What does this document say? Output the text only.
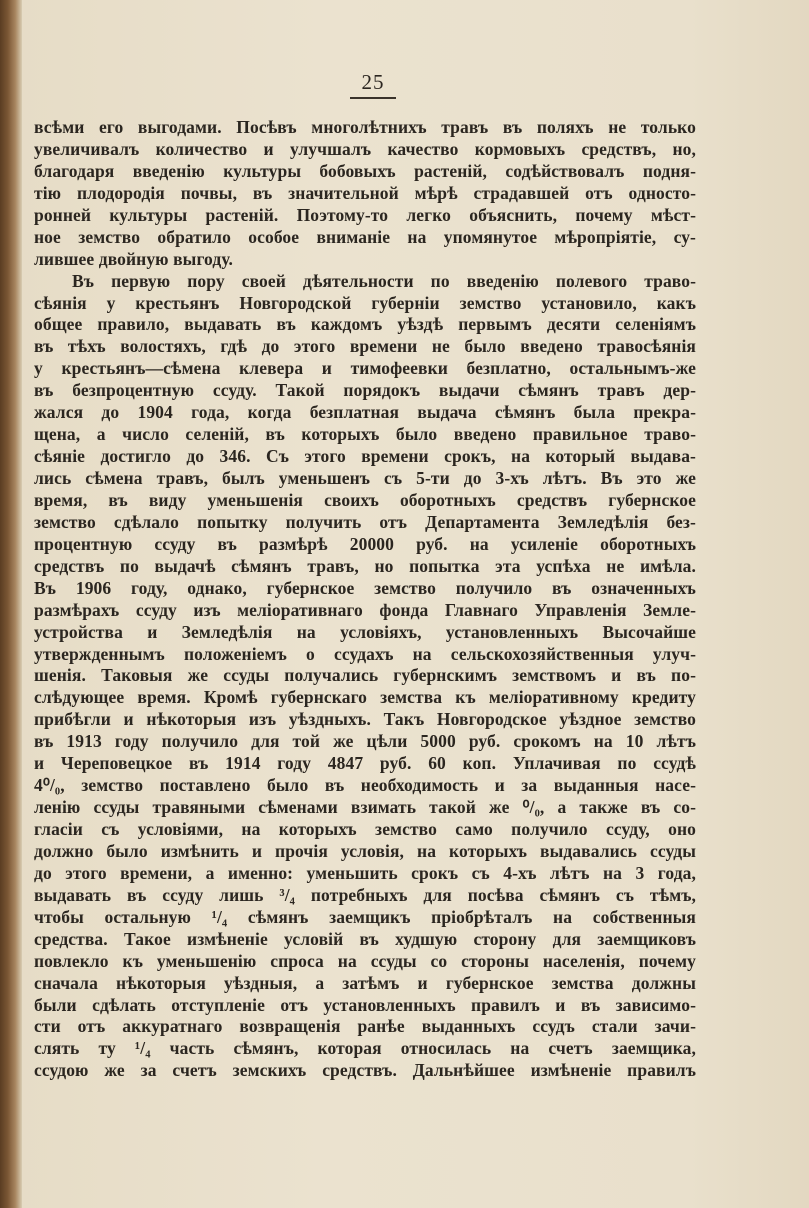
25
всѣми его выгодами. Посѣвъ многолѣтнихъ травъ въ поляхъ не только
увеличивалъ количество и улучшалъ качество кормовыхъ средствъ, но,
благодаря введенію культуры бобовыхъ растеній, содѣйствовалъ подня-
тію плодородія почвы, въ значительной мѣрѣ страдавшей отъ односто-
ронней культуры растеній. Поэтому-то легко объяснить, почему мѣст-
ное земство обратило особое вниманіе на упомянутое мѣропріятіе, су-
лившее двойную выгоду.
Въ первую пору своей дѣятельности по введенію полевого траво-
сѣянія у крестьянъ Новгородской губерніи земство установило, какъ
общее правило, выдавать въ каждомъ уѣздѣ первымъ десяти селеніямъ
въ тѣхъ волостяхъ, гдѣ до этого времени не было введено травосѣянія
у крестьянъ—сѣмена клевера и тимофеевки безплатно, остальнымъ-же
въ безпроцентную ссуду. Такой порядокъ выдачи сѣмянъ травъ дер-
жался до 1904 года, когда безплатная выдача сѣмянъ была прекра-
щена, а число селеній, въ которыхъ было введено правильное траво-
сѣяніе достигло до 346. Съ этого времени срокъ, на который выдава-
лись сѣмена травъ, былъ уменьшенъ съ 5-ти до 3-хъ лѣтъ. Въ это же
время, въ виду уменьшенія своихъ оборотныхъ средствъ губернское
земство сдѣлало попытку получить отъ Департамента Земледѣлія без-
процентную ссуду въ размѣрѣ 20000 руб. на усиленіе оборотныхъ
средствъ по выдачѣ сѣмянъ травъ, но попытка эта успѣха не имѣла.
Въ 1906 году, однако, губернское земство получило въ означенныхъ
размѣрахъ ссуду изъ меліоративнаго фонда Главнаго Управленія Земле-
устройства и Земледѣлія на условіяхъ, установленныхъ Высочайше
утвержденнымъ положеніемъ о ссудахъ на сельскохозяйственныя улуч-
шенія. Таковыя же ссуды получались губернскимъ земствомъ и въ по-
слѣдующее время. Кромѣ губернскаго земства къ меліоративному кредиту
прибѣгли и нѣкоторыя изъ уѣздныхъ. Такъ Новгородское уѣздное земство
въ 1913 году получило для той же цѣли 5000 руб. срокомъ на 10 лѣтъ
и Череповецкое въ 1914 году 4847 руб. 60 коп. Уплачивая по ссудѣ
4⁰/₀, земство поставлено было въ необходимость и за выданныя насе-
ленію ссуды травяными сѣменами взимать такой же ⁰/₀, а также въ со-
гласіи съ условіями, на которыхъ земство само получило ссуду, оно
должно было измѣнить и прочія условія, на которыхъ выдавались ссуды
до этого времени, а именно: уменьшить срокъ съ 4-хъ лѣтъ на 3 года,
выдавать въ ссуду лишь ³/₄ потребныхъ для посѣва сѣмянъ съ тѣмъ,
чтобы остальную ¹/₄ сѣмянъ заемщикъ пріобрѣталъ на собственныя
средства. Такое измѣненіе условій въ худшую сторону для заемщиковъ
повлекло къ уменьшенію спроса на ссуды со стороны населенія, почему
сначала нѣкоторыя уѣздныя, а затѣмъ и губернское земства должны
были сдѣлать отступленіе отъ установленныхъ правилъ и въ зависимо-
сти отъ аккуратнаго возвращенія ранѣе выданныхъ ссудъ стали зачи-
слять ту ¹/₄ часть сѣмянъ, которая относилась на счетъ заемщика,
ссудою же за счетъ земскихъ средствъ. Дальнѣйшее измѣненіе правилъ
